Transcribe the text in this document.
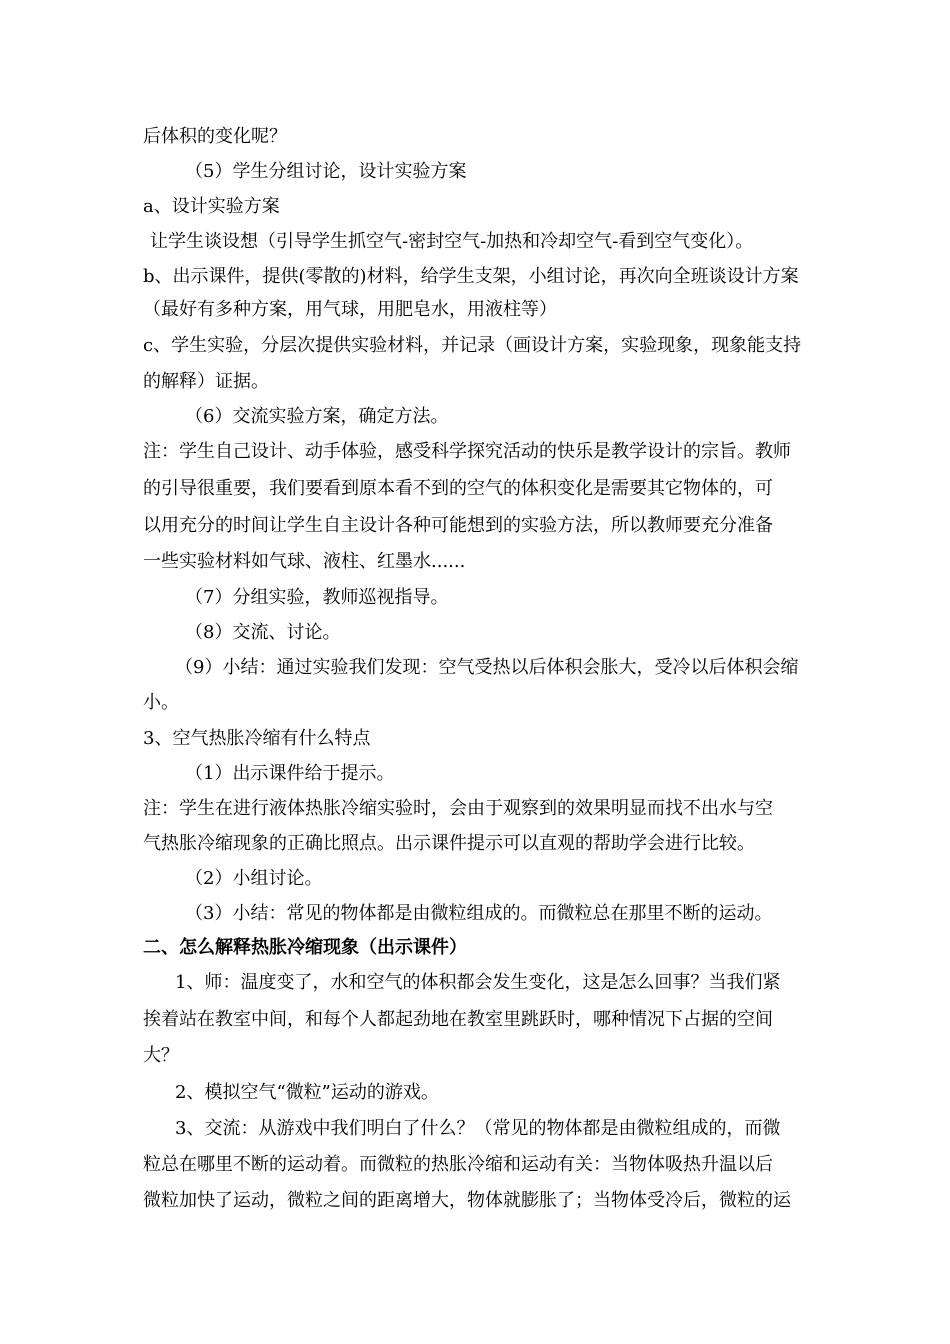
后体积的变化呢？
（5）学生分组讨论，设计实验方案
a、设计实验方案
让学生谈设想（引导学生抓空气-密封空气-加热和冷却空气-看到空气变化）。
b、出示课件，提供(零散的)材料，给学生支架，小组讨论，再次向全班谈设计方案
（最好有多种方案，用气球，用肥皂水，用液柱等）
c、学生实验，分层次提供实验材料，并记录（画设计方案，实验现象，现象能支持
的解释）证据。
（6）交流实验方案，确定方法。
注：学生自己设计、动手体验，感受科学探究活动的快乐是教学设计的宗旨。教师
的引导很重要，我们要看到原本看不到的空气的体积变化是需要其它物体的，可
以用充分的时间让学生自主设计各种可能想到的实验方法，所以教师要充分准备
一些实验材料如气球、液柱、红墨水......
（7）分组实验，教师巡视指导。
（8）交流、讨论。
（9）小结：通过实验我们发现：空气受热以后体积会胀大，受冷以后体积会缩
小。
3、空气热胀冷缩有什么特点
（1）出示课件给于提示。
注：学生在进行液体热胀冷缩实验时，会由于观察到的效果明显而找不出水与空
气热胀冷缩现象的正确比照点。出示课件提示可以直观的帮助学会进行比较。
（2）小组讨论。
（3）小结：常见的物体都是由微粒组成的。而微粒总在那里不断的运动。
二、怎么解释热胀冷缩现象（出示课件）
1、师：温度变了，水和空气的体积都会发生变化，这是怎么回事？当我们紧
挨着站在教室中间，和每个人都起劲地在教室里跳跃时，哪种情况下占据的空间
大？
2、模拟空气“微粒”运动的游戏。
3、交流：从游戏中我们明白了什么？（常见的物体都是由微粒组成的，而微
粒总在哪里不断的运动着。而微粒的热胀冷缩和运动有关：当物体吸热升温以后
微粒加快了运动，微粒之间的距离增大，物体就膨胀了；当物体受冷后，微粒的运
